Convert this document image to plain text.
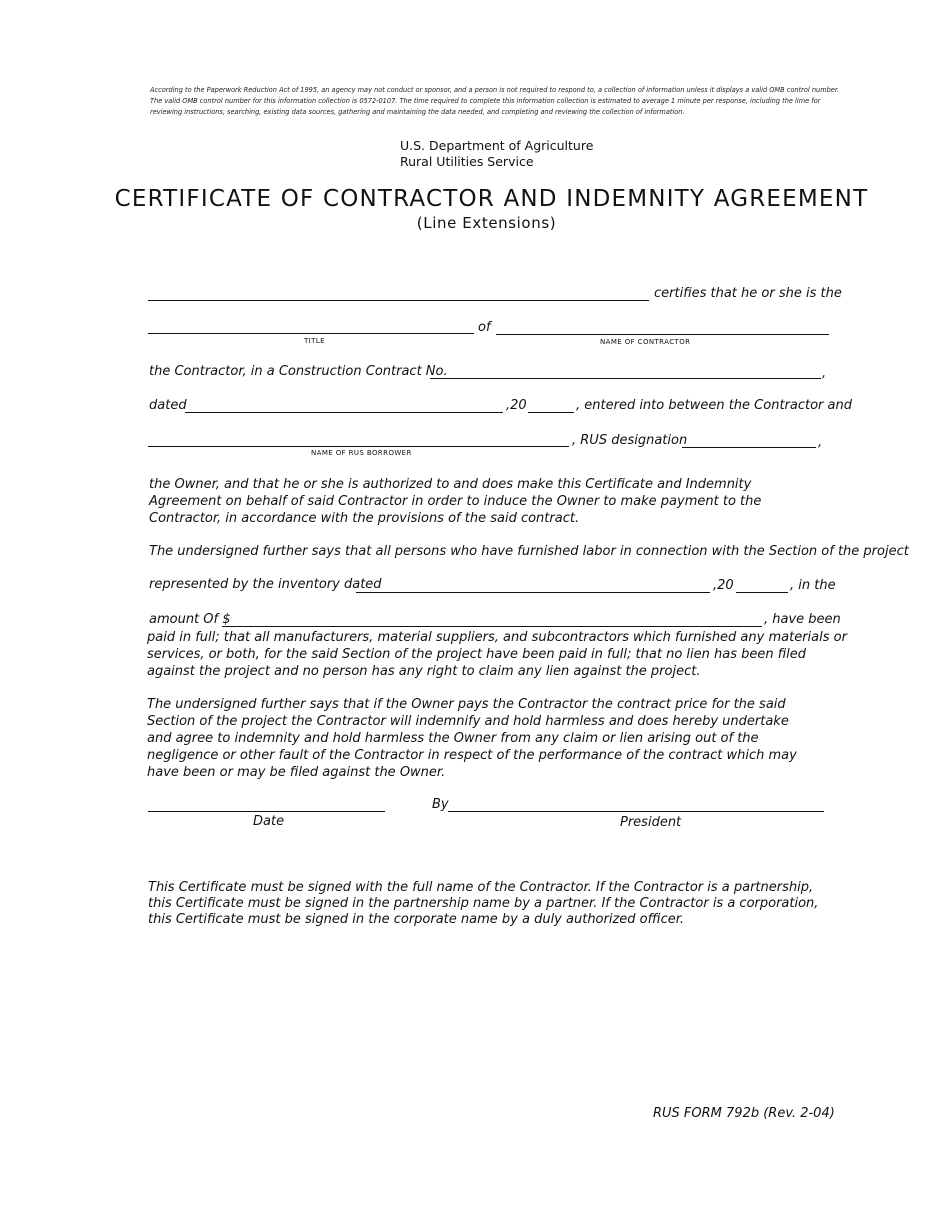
According to the Paperwork Reduction Act of 1995, an agency may not conduct or sponsor, and a person is not required to respond to, a collection of information unless it displays a valid OMB control number. The valid OMB control number for this information collection is 0572-0107. The time required to complete this information collection is estimated to average 1 minute per response, including the lime for reviewing instructions, searching, existing data sources, gathering and maintaining the data needed, and completing and reviewing the collection of information.
U.S. Department of Agriculture
Rural Utilities Service
CERTIFICATE OF CONTRACTOR AND INDEMNITY AGREEMENT
(Line Extensions)
certifies that he or she is the
of
TITLE	NAME OF CONTRACTOR
the Contractor, in a Construction Contract No.	,
dated	,20	, entered into between the Contractor and
, RUS designation	,
NAME OF RUS BORROWER
the Owner, and that he or she is authorized to and does make this Certificate and Indemnity Agreement on behalf of said Contractor in order to induce the Owner to make payment to the Contractor, in accordance with the provisions of the said contract.
The undersigned further says that all persons who have furnished labor in connection with the Section of the project
represented by the inventory dated	,20	, in the
amount Of $	, have been
paid in full; that all manufacturers, material suppliers, and subcontractors which furnished any materials or services, or both, for the said Section of the project have been paid in full; that no lien has been filed against the project and no person has any right to claim any lien against the project.
The undersigned further says that if the Owner pays the Contractor the contract price for the said Section of the project the Contractor will indemnify and hold harmless and does hereby undertake and agree to indemnity and hold harmless the Owner from any claim or lien arising out of the negligence or other fault of the Contractor in respect of the performance of the contract which may have been or may be filed against the Owner.
Date
By
President
This Certificate must be signed with the full name of the Contractor. If the Contractor is a partnership, this Certificate must be signed in the partnership name by a partner. If the Contractor is a corporation, this Certificate must be signed in the corporate name by a duly authorized officer.
RUS FORM 792b (Rev. 2-04)
